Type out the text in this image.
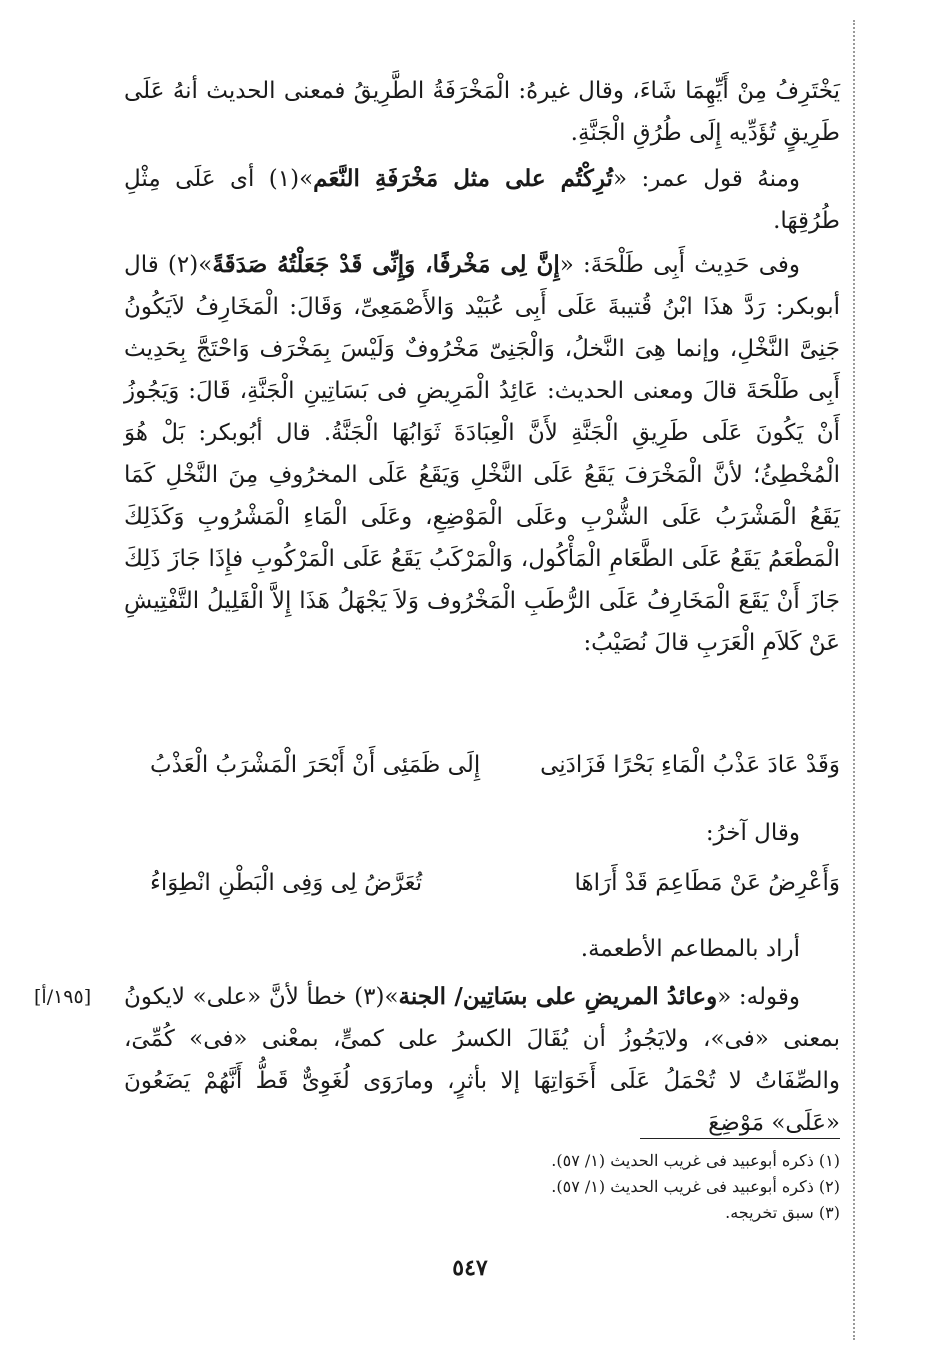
يَخْتَرِفُ مِنْ أَيِّهِمَا شَاءَ، وقال غيرهُ: الْمَخْرَفَةُ الطَّرِيقُ فمعنى الحديث أنهُ عَلَى طَرِيقٍ تُؤَدِّيه إِلَى طُرُقِ الْجَنَّةِ.

ومنهُ قول عمر: «تُرِكْتُم على مثل مَخْرَفَةِ النَّعَم»(١) أى عَلَى مِثْلِ طُرُقِهَا.

وفى حَدِيث أَبِى طَلْحَةَ: «إِنَّ لِى مَخْرفًا، وَإِنِّى قَدْ جَعَلْتُهُ صَدَقَةً»(٢) قال أبوبكر: رَدَّ هذَا ابْنُ قُتيبةَ عَلَى أَبِى عُبَيْد وَالأَصْمَعِىِّ، وَقَالَ: الْمَخَارِفُ لاَيَكُونُ جَنِىَّ النَّخْلِ، وإنما هِىَ النَّخلُ، وَالْجَنِىّ مَخْرُوفٌ وَلَيْسَ بِمَخْرَف وَاحْتَجَّ بِحَدِيث أَبِى طَلْحَةَ قالَ ومعنى الحديث: عَائِدُ الْمَرِيضِ فى بَسَاتِينِ الْجَنَّةِ، قَالَ: وَيَجُوزُ أَنْ يَكُونَ عَلَى طَرِيقِ الْجَنَّةِ لأَنَّ الْعِبَادَةَ ثَوَابُهَا الْجَنَّةُ. قال أبُوبكر: بَلْ هُوَ الْمُخْطِئُ؛ لأنَّ الْمَخْرَفَ يَقَعُ عَلَى النَّخْلِ وَيَقَعُ عَلَى المخرُوفِ مِنَ النَّخْلِ كَمَا يَقَعُ الْمَشْرَبُ عَلَى الشُّرْبِ وعَلَى الْمَوْضِعِ، وعَلَى الْمَاءِ الْمَشْرُوبِ وَكَذَلِكَ الْمَطْعَمُ يَقَعُ عَلَى الطَّعَامِ الْمَأْكُول، وَالْمَرْكَبُ يَقَعُ عَلَى الْمَرْكُوبِ فإِذَا جَازَ ذَلِكَ جَازَ أَنْ يَقَعَ الْمَخَارِفُ عَلَى الرُّطَبِ الْمَخْرُوف وَلاَ يَجْهَلُ هَذَا إِلاَّ الْقَلِيلُ التَّفْتِيشِ عَنْ كَلاَمِ الْعَرَبِ قالَ نُصَيْبُ:

وَقَدْ عَادَ عَذْبُ الْمَاءِ بَحْرًا فَزَادَنِى
إِلَى ظَمَئِى أَنْ أَبْحَرَ الْمَشْرَبُ الْعَذْبُ

وقال آخرُ:

وَأَعْرِضُ عَنْ مَطَاعِمَ قَدْ أَرَاهَا
تُعَرَّضُ لِى وَفِى الْبَطْنِ انْطِوَاءُ

أراد بالمطاعم الأطعمة.

وقوله: «وعائدُ المريضِ على بسَاتِين/ الجنة»(٣) خطأ لأنَّ «على» لايكونُ بمعنى «فى»، ولايَجُوزُ أن يُقَالَ الكسرُ على كمىٍّ، بمعْنى «فى» كُمِّىَ، والصِّفَاتُ لا تُحْمَلُ عَلَى أَخَوَاتِهَا إلا بأثرٍ، ومارَوَى لُغَوِىٌّ قَطُّ أَنَّهُمْ يَضَعُونَ «عَلَى» مَوْضِعَ

[١٩٥/أ]
(١) ذكره أبوعبيد فى غريب الحديث (١/ ٥٧).
(٢) ذكره أبوعبيد فى غريب الحديث (١/ ٥٧).
(٣) سبق تخريجه.
٥٤٧
